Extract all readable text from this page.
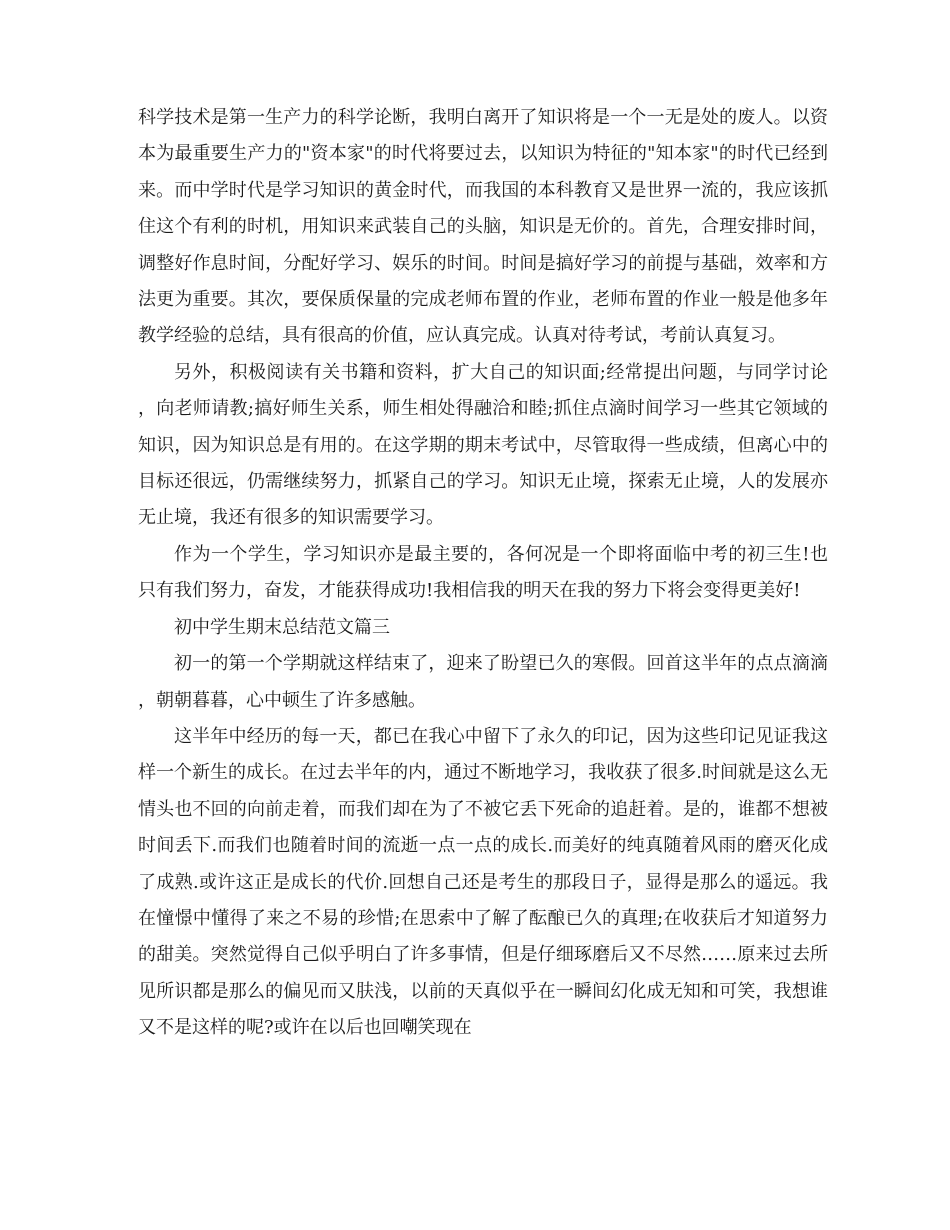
科学技术是第一生产力的科学论断，我明白离开了知识将是一个一无是处的废人。以资本为最重要生产力的"资本家"的时代将要过去，以知识为特征的"知本家"的时代已经到来。而中学时代是学习知识的黄金时代，而我国的本科教育又是世界一流的，我应该抓住这个有利的时机，用知识来武装自己的头脑，知识是无价的。首先，合理安排时间，调整好作息时间，分配好学习、娱乐的时间。时间是搞好学习的前提与基础，效率和方法更为重要。其次，要保质保量的完成老师布置的作业，老师布置的作业一般是他多年教学经验的总结，具有很高的价值，应认真完成。认真对待考试，考前认真复习。

另外，积极阅读有关书籍和资料，扩大自己的知识面;经常提出问题，与同学讨论，向老师请教;搞好师生关系，师生相处得融洽和睦;抓住点滴时间学习一些其它领域的知识，因为知识总是有用的。在这学期的期末考试中，尽管取得一些成绩，但离心中的目标还很远，仍需继续努力，抓紧自己的学习。知识无止境，探索无止境，人的发展亦无止境，我还有很多的知识需要学习。

作为一个学生，学习知识亦是最主要的，各何况是一个即将面临中考的初三生!也只有我们努力，奋发，才能获得成功!我相信我的明天在我的努力下将会变得更美好!

初中学生期末总结范文篇三

初一的第一个学期就这样结束了，迎来了盼望已久的寒假。回首这半年的点点滴滴，朝朝暮暮，心中顿生了许多感触。

这半年中经历的每一天，都已在我心中留下了永久的印记，因为这些印记见证我这样一个新生的成长。在过去半年的内，通过不断地学习，我收获了很多.时间就是这么无情头也不回的向前走着，而我们却在为了不被它丢下死命的追赶着。是的，谁都不想被时间丢下.而我们也随着时间的流逝一点一点的成长.而美好的纯真随着风雨的磨灭化成了成熟.或许这正是成长的代价.回想自己还是考生的那段日子，显得是那么的遥远。我在憧憬中懂得了来之不易的珍惜;在思索中了解了酝酿已久的真理;在收获后才知道努力的甜美。突然觉得自己似乎明白了许多事情，但是仔细琢磨后又不尽然……原来过去所见所识都是那么的偏见而又肤浅，以前的天真似乎在一瞬间幻化成无知和可笑，我想谁又不是这样的呢?或许在以后也回嘲笑现在
